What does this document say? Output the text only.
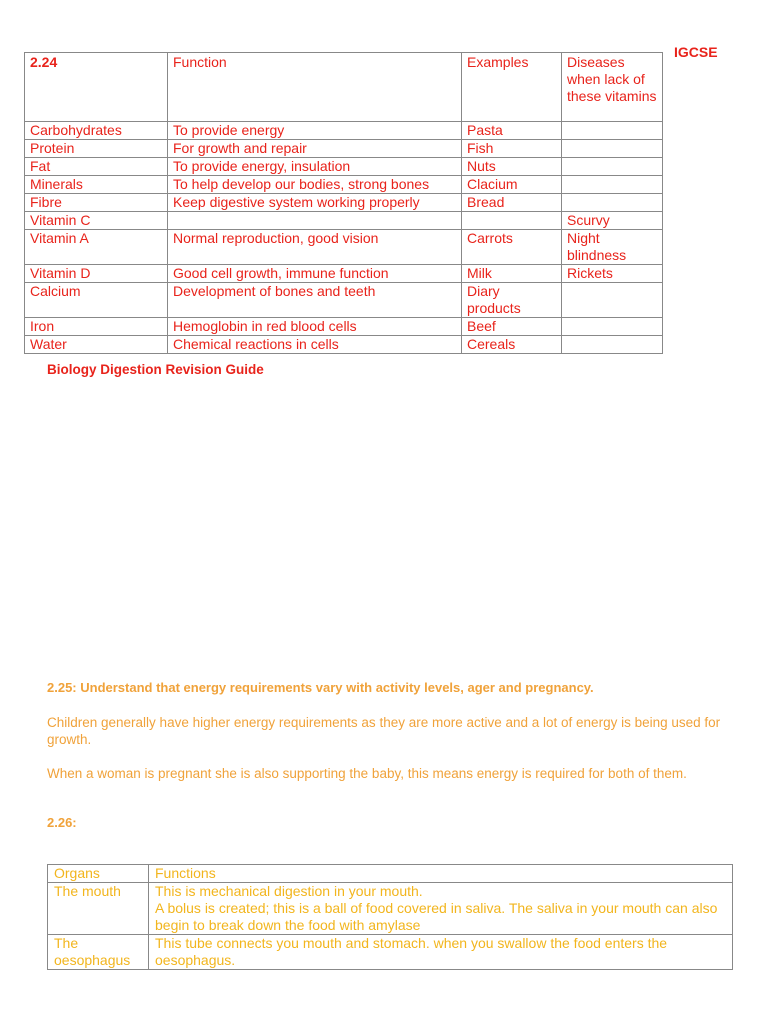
IGCSE
2.24	Function	Examples	Diseases when lack of these vitamins
Carbohydrates	To provide energy	Pasta	
Protein	For growth and repair	Fish	
Fat	To provide energy, insulation	Nuts	
Minerals	To help develop our bodies, strong bones	Clacium	
Fibre	Keep digestive system working properly	Bread	
Vitamin C			Scurvy
Vitamin A	Normal reproduction, good vision	Carrots	Night blindness
Vitamin D	Good cell growth, immune function	Milk	Rickets
Calcium	Development of bones and teeth	Diary products	
Iron	Hemoglobin in red blood cells	Beef	
Water	Chemical reactions in cells	Cereals	
Biology Digestion Revision Guide
2.25: Understand that energy requirements vary with activity levels, ager and pregnancy.
Children generally have higher energy requirements as they are more active and a lot of energy is being used for growth.
When a woman is pregnant she is also supporting the baby, this means energy is required for both of them.
2.26:
Organs	Functions
The mouth	This is mechanical digestion in your mouth.
A bolus is created; this is a ball of food covered in saliva. The saliva in your mouth can also begin to break down the food with amylase

The oesophagus	This tube connects you mouth and stomach. when you swallow the food enters the oesophagus.
